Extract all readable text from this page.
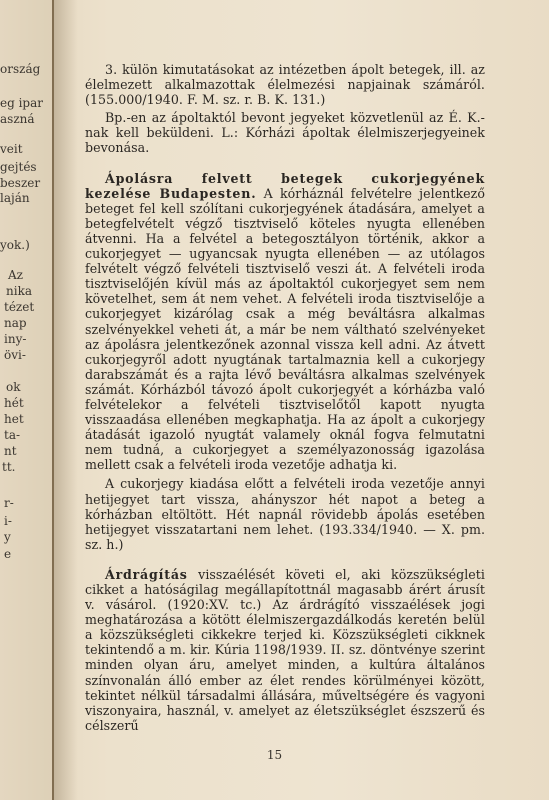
ország
eg ipar
aszná
veit
gejtés
beszer
laján
yok.)
Az
nika
tézet
nap
iny-
övi-
ok
hét
het
ta-
nt
tt.
r-
i-
y
e

3. külön kimutatásokat az intézetben ápolt betegek, ill. az élelmezett alkalmazottak élelmezési napjainak számáról. (155.000/1940. F. M. sz. r. B. K. 131.)

Bp.-en az ápoltaktól bevont jegyeket közvetlenül az É. K.-nak kell beküldeni. L.: Kórházi ápoltak élelmiszerjegyeinek bevonása.

Ápolásra felvett betegek cukorjegyének kezelése Budapesten. A kórháznál felvételre jelentkező beteget fel kell szólítani cukorjegyének átadására, amelyet a betegfelvételt végző tisztviselő köteles nyugta ellenében átvenni. Ha a felvétel a betegosztályon történik, akkor a cukorjegyet — ugyancsak nyugta ellenében — az utólagos felvételt végző felvételi tisztviselő veszi át. A felvételi iroda tisztviselőjén kívül más az ápoltaktól cukorjegyet sem nem követelhet, sem át nem vehet. A felvételi iroda tisztviselője a cukorjegyet kizárólag csak a még beváltásra alkalmas szelvényekkel veheti át, a már be nem váltható szelvényeket az ápolásra jelentkezőnek azonnal vissza kell adni. Az átvett cukorjegyről adott nyugtának tartalmaznia kell a cukorjegy darabszámát és a rajta lévő beváltásra alkalmas szelvények számát. Kórházból távozó ápolt cukorjegyét a kórházba való felvételekor a felvételi tisztviselőtől kapott nyugta visszaadása ellenében megkaphatja. Ha az ápolt a cukorjegy átadását igazoló nyugtát valamely oknál fogva felmutatni nem tudná, a cukorjegyet a személyazonosság igazolása mellett csak a felvételi iroda vezetője adhatja ki.

A cukorjegy kiadása előtt a felvételi iroda vezetője annyi hetijegyet tart vissza, ahányszor hét napot a beteg a kórházban eltöltött. Hét napnál rövidebb ápolás esetében hetijegyet visszatartani nem lehet. (193.334/1940. — X. pm. sz. h.)

Árdrágítás visszaélését követi el, aki közszükségleti cikket a hatóságilag megállapítottnál magasabb árért árusít v. vásárol. (1920:XV. tc.) Az árdrágító visszaélések jogi meghatározása a kötött élelmiszergazdálkodás keretén belül a közszükségleti cikkekre terjed ki. Közszükségleti cikknek tekintendő a m. kir. Kúria 1198/1939. II. sz. döntvénye szerint minden olyan áru, amelyet minden, a kultúra általános színvonalán álló ember az élet rendes körülményei között, tekintet nélkül társadalmi állására, műveltségére és vagyoni viszonyaira, használ, v. amelyet az életszükséglet észszerű és célszerű

15
